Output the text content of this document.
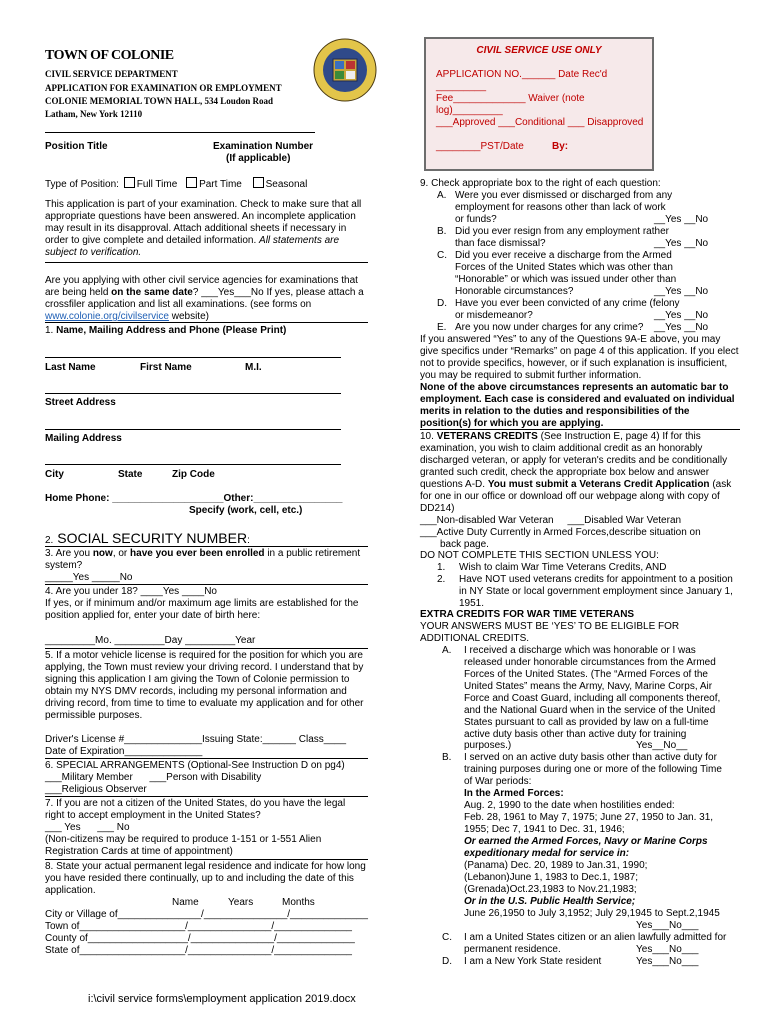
TOWN OF COLONIE
CIVIL SERVICE DEPARTMENT
APPLICATION FOR EXAMINATION OR EMPLOYMENT
COLONIE MEMORIAL TOWN HALL, 534 Loudon Road
Latham, New York 12110
CIVIL SERVICE USE ONLY
APPLICATION NO.______ Date Rec'd _________
Fee_____________ Waiver (note log)_________
___Approved ___Conditional ___ Disapproved
________PST/Date	By:
Position Title	Examination Number
(If applicable)
Type of Position: Full Time Part Time Seasonal
This application is part of your examination. Check to make sure that all appropriate questions have been answered. An incomplete application may result in its disapproval. Attach additional sheets if necessary in order to give complete and detailed information. All statements are subject to verification.
Are you applying with other civil service agencies for examinations that are being held on the same date? ___Yes___No If yes, please attach a crossfiler application and list all examinations. (see forms on www.colonie.org/civilservice website)
1. Name, Mailing Address and Phone (Please Print)
Last Name	First Name	M.I.
Street Address
Mailing Address
City	State	Zip Code
Home Phone: ____________________Other:________________
Specify (work, cell, etc.)
2. SOCIAL SECURITY NUMBER:
3. Are you now, or have you ever been enrolled in a public retirement system?
_____Yes _____No
4. Are you under 18? ____Yes ____No
If yes, or if minimum and/or maximum age limits are established for the position applied for, enter your date of birth here:
_________Mo. _________Day _________Year
5. If a motor vehicle license is required for the position for which you are applying, the Town must review your driving record. I understand that by signing this application I am giving the Town of Colonie permission to obtain my NYS DMV records, including my personal information and driving record, from time to time to evaluate my application and for other permissible purposes.
Driver's License #______________Issuing State:______ Class____
Date of Expiration______________
6. SPECIAL ARRANGEMENTS (Optional-See Instruction D on pg4)
___Military Member      ___Person with Disability
___Religious Observer
7. If you are not a citizen of the United States, do you have the legal right to accept employment in the United States?
___ Yes      ___ No
(Non-citizens may be required to produce 1-151 or 1-551 Alien Registration Cards at time of appointment)
8. State your actual permanent legal residence and indicate for how long you have resided there continually, up to and including the date of this application.
Name	Years	Months
City or Village of_______________/_______________/______________
Town of___________________/_______________/______________
County of__________________/_______________/______________
State of___________________/_______________/______________
9. Check appropriate box to the right of each question:
A. Were you ever dismissed or discharged from any
employment for reasons other than lack of work
or funds?	__Yes __No
B. Did you ever resign from any employment rather
than face dismissal?	__Yes __No
C. Did you ever receive a discharge from the Armed
Forces of the United States which was other than
“Honorable” or which was issued under other than
Honorable circumstances?	__Yes __No
D. Have you ever been convicted of any crime (felony
or misdemeanor?	__Yes __No
E. Are you now under charges for any crime? __Yes __No
If you answered “Yes” to any of the Questions 9A-E above, you may give specifics under “Remarks” on page 4 of this application. If you elect not to provide specifics, however, or if such explanation is insufficient, you may be required to submit further information.
None of the above circumstances represents an automatic bar to employment. Each case is considered and evaluated on individual merits in relation to the duties and responsibilities of the position(s) for which you are applying.
10. VETERANS CREDITS (See Instruction E, page 4) If for this examination, you wish to claim additional credit as an honorably discharged veteran, or apply for veteran's credits and be conditionally granted such credit, check the appropriate box below and answer questions A-D. You must submit a Veterans Credit Application (ask for one in our office or download off our webpage along with copy of DD214)
___Non-disabled War Veteran     ___Disabled War Veteran
___Active Duty Currently in Armed Forces,describe situation on
back page.
DO NOT COMPLETE THIS SECTION UNLESS YOU:
1. Wish to claim War Time Veterans Credits, AND
2. Have NOT used veterans credits for appointment to a position in NY State or local government employment since January 1, 1951.
EXTRA CREDITS FOR WAR TIME VETERANS
YOUR ANSWERS MUST BE ‘YES’ TO BE ELIGIBLE FOR ADDITIONAL CREDITS.
A. I received a discharge which was honorable or I was released under honorable circumstances from the Armed Forces of the United States. (The “Armed Forces of the United States” means the Army, Navy, Marine Corps, Air Force and Coast Guard, including all components thereof, and the National Guard when in the service of the United States pursuant to call as provided by law on a full-time active duty basis other than active duty for training
purposes.)	Yes__No__
B. I served on an active duty basis other than active duty for training purposes during one or more of the following Time of War periods:
In the Armed Forces:
Aug. 2, 1990 to the date when hostilities ended:
Feb. 28, 1961 to May 7, 1975; June 27, 1950 to Jan. 31, 1955; Dec 7, 1941 to Dec. 31, 1946;
Or earned the Armed Forces, Navy or Marine Corps expeditionary medal for service in:
(Panama) Dec. 20, 1989 to Jan.31, 1990;
(Lebanon)June 1, 1983 to Dec.1, 1987;
(Grenada)Oct.23,1983 to Nov.21,1983;
Or in the U.S. Public Health Service;
June 26,1950 to July 3,1952; July 29,1945 to Sept.2,1945
Yes___No___
C. I am a United States citizen or an alien lawfully admitted for permanent residence.	Yes___No___
D. I am a New York State resident	Yes___No___
i:\civil service forms\employment application 2019.docx
